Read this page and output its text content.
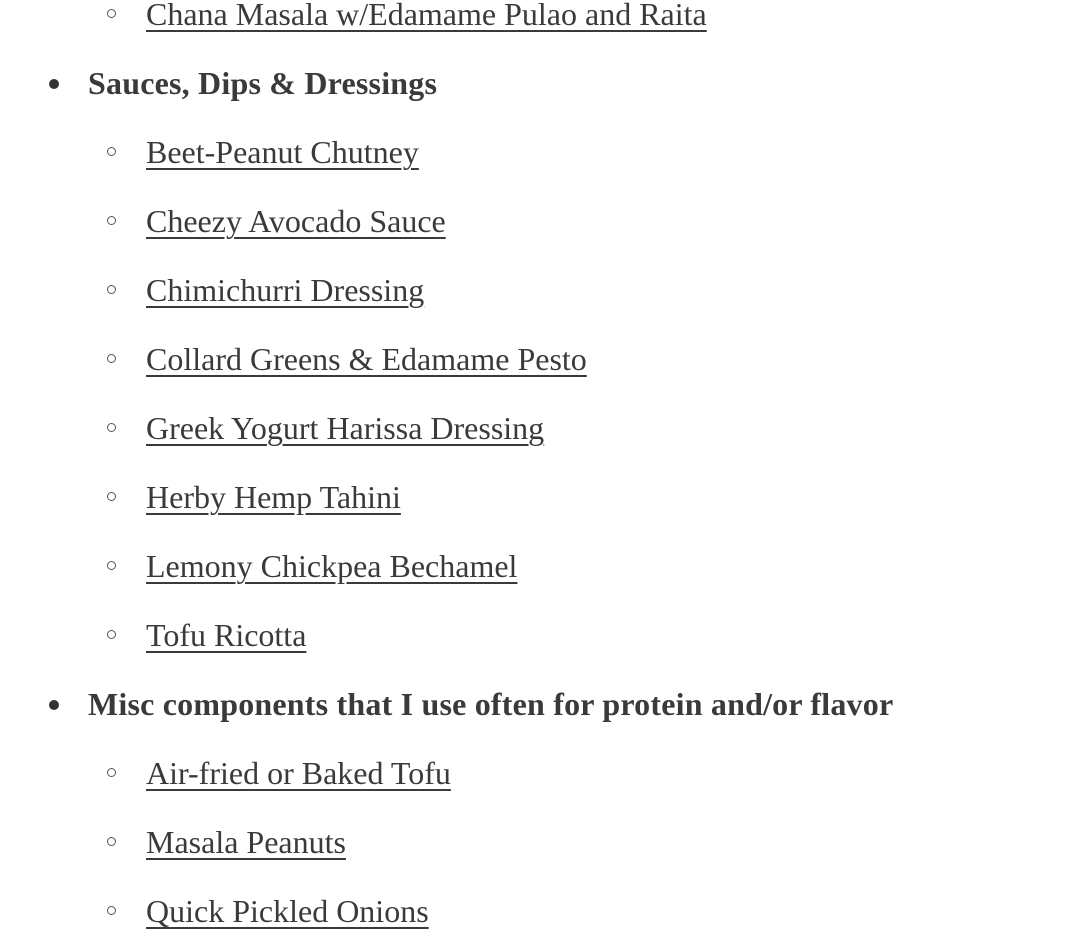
Chana Masala w/Edamame Pulao and Raita
Sauces, Dips & Dressings
Beet-Peanut Chutney
Cheezy Avocado Sauce
Chimichurri Dressing
Collard Greens & Edamame Pesto
Greek Yogurt Harissa Dressing
Herby Hemp Tahini
Lemony Chickpea Bechamel
Tofu Ricotta
Misc components that I use often for protein and/or flavor
Air-fried or Baked Tofu
Masala Peanuts
Quick Pickled Onions
